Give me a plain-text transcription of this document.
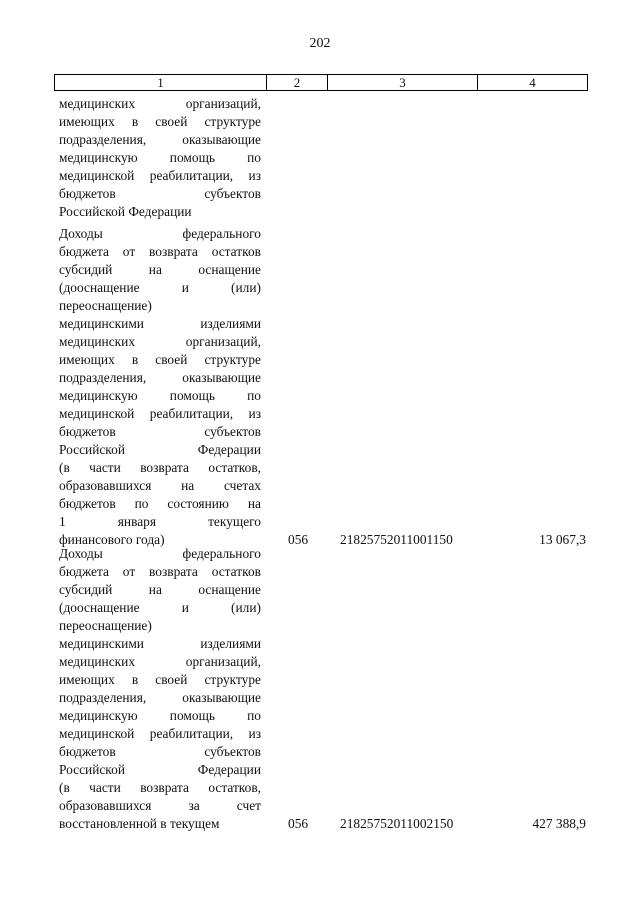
202
1	2	3	4
медицинских	организаций,
имеющих в своей структуре
подразделения,	оказывающие
медицинскую помощь по
медицинской реабилитации, из
бюджетов	субъектов
Российской Федерации
Доходы	федерального
бюджета от возврата остатков
субсидий	на	оснащение
(дооснащение	и	(или)
переоснащение)
медицинскими	изделиями
медицинских	организаций,
имеющих в своей структуре
подразделения,	оказывающие
медицинскую помощь по
медицинской реабилитации, из
бюджетов	субъектов
Российской	Федерации
(в части возврата остатков,
образовавшихся на счетах
бюджетов по состоянию на
1	января	текущего
финансового года)	056 21825752011001150	13 067,3
Доходы	федерального
бюджета от возврата остатков
субсидий	на	оснащение
(дооснащение	и	(или)
переоснащение)
медицинскими	изделиями
медицинских	организаций,
имеющих в своей структуре
подразделения,	оказывающие
медицинскую помощь по
медицинской реабилитации, из
бюджетов	субъектов
Российской	Федерации
(в части возврата остатков,
образовавшихся	за	счет
восстановленной в текущем	056 21825752011002150	427 388,9
